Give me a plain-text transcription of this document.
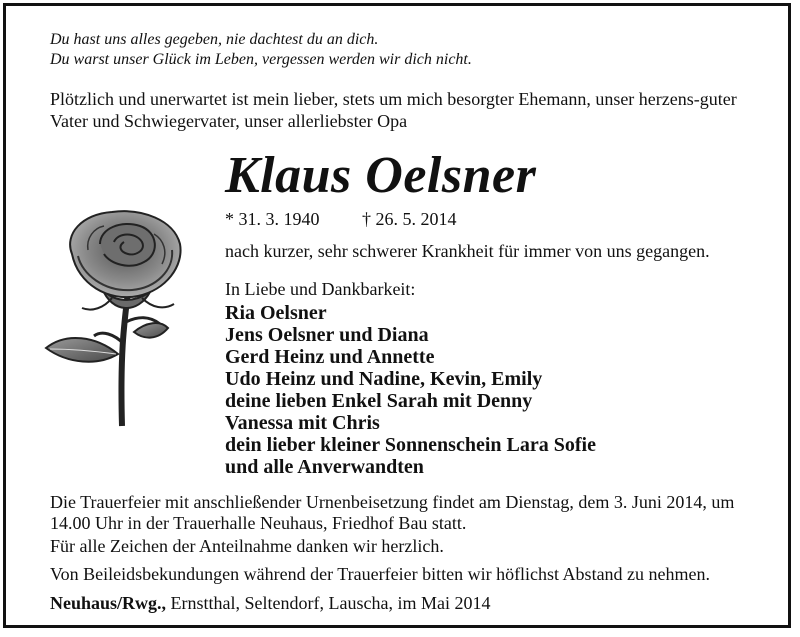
Du hast uns alles gegeben, nie dachtest du an dich.
Du warst unser Glück im Leben, vergessen werden wir dich nicht.
Plötzlich und unerwartet ist mein lieber, stets um mich besorgter Ehemann, unser herzens-guter Vater und Schwiegervater, unser allerliebster Opa
Klaus Oelsner
* 31. 3. 1940 † 26. 5. 2014
nach kurzer, sehr schwerer Krankheit für immer von uns gegangen.
In Liebe und Dankbarkeit:
Ria Oelsner
Jens Oelsner und Diana
Gerd Heinz und Annette
Udo Heinz und Nadine, Kevin, Emily
deine lieben Enkel Sarah mit Denny
Vanessa mit Chris
dein lieber kleiner Sonnenschein Lara Sofie
und alle Anverwandten
Die Trauerfeier mit anschließender Urnenbeisetzung findet am Dienstag, dem 3. Juni 2014, um 14.00 Uhr in der Trauerhalle Neuhaus, Friedhof Bau statt.
Für alle Zeichen der Anteilnahme danken wir herzlich.
Von Beileidsbekundungen während der Trauerfeier bitten wir höflichst Abstand zu nehmen.
Neuhaus/Rwg., Ernstthal, Seltendorf, Lauscha, im Mai 2014
